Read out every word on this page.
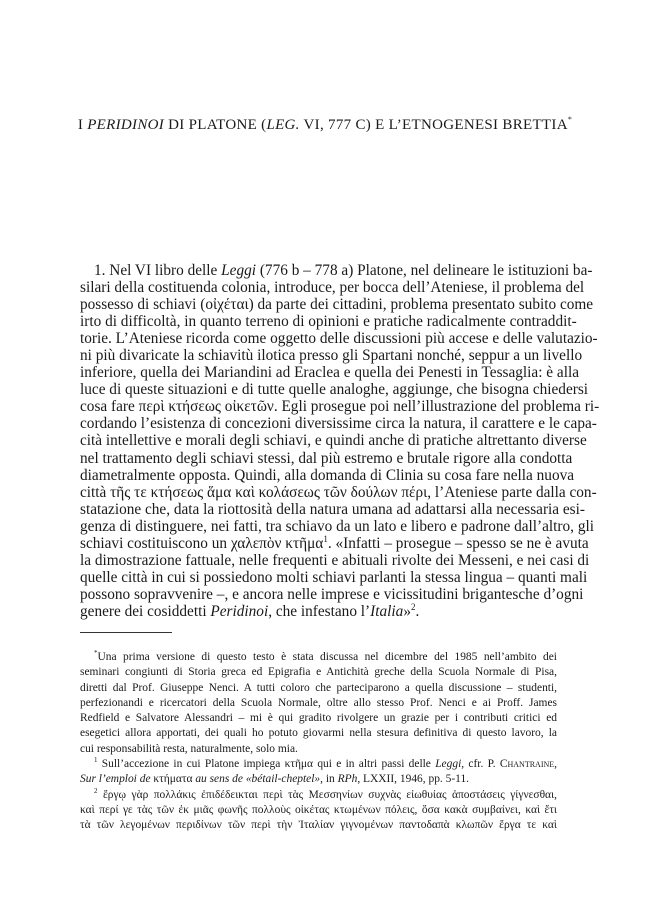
I PERIDINOI DI PLATONE (LEG. VI, 777 C) E L’ETNOGENESI BRETTIA*
1. Nel VI libro delle Leggi (776 b – 778 a) Platone, nel delineare le istituzioni ba-
silari della costituenda colonia, introduce, per bocca dell’Ateniese, il problema del
possesso di schiavi (οἰχέται) da parte dei cittadini, problema presentato subito come
irto di difficoltà, in quanto terreno di opinioni e pratiche radicalmente contraddit-
torie. L’Ateniese ricorda come oggetto delle discussioni più accese e delle valutazio-
ni più divaricate la schiavitù ilotica presso gli Spartani nonché, seppur a un livello
inferiore, quella dei Mariandini ad Eraclea e quella dei Penesti in Tessaglia: è alla
luce di queste situazioni e di tutte quelle analoghe, aggiunge, che bisogna chiedersi
cosa fare περὶ κτήσεως οἰκετῶν. Egli prosegue poi nell’illustrazione del problema ri-
cordando l’esistenza di concezioni diversissime circa la natura, il carattere e le capa-
cità intellettive e morali degli schiavi, e quindi anche di pratiche altrettanto diverse
nel trattamento degli schiavi stessi, dal più estremo e brutale rigore alla condotta
diametralmente opposta. Quindi, alla domanda di Clinia su cosa fare nella nuova
città τῆς τε κτήσεως ἅμα καὶ κολάσεως τῶν δούλων πέρι, l’Ateniese parte dalla con-
statazione che, data la riottosità della natura umana ad adattarsi alla necessaria esi-
genza di distinguere, nei fatti, tra schiavo da un lato e libero e padrone dall’altro, gli
schiavi costituiscono un χαλεπὸν κτῆμα$^1$. «Infatti – prosegue – spesso se ne è avuta
la dimostrazione fattuale, nelle frequenti e abituali rivolte dei Messeni, e nei casi di
quelle città in cui si possiedono molti schiavi parlanti la stessa lingua – quanti mali
possono sopravvenire –, e ancora nelle imprese e vicissitudini brigantesche d’ogni
genere dei cosiddetti Peridinoi, che infestano l’Italia»$^2$.
*Una prima versione di questo testo è stata discussa nel dicembre del 1985 nell’ambito dei
seminari congiunti di Storia greca ed Epigrafia e Antichità greche della Scuola Normale di Pisa,
diretti dal Prof. Giuseppe Nenci. A tutti coloro che parteciparono a quella discussione – studenti,
perfezionandi e ricercatori della Scuola Normale, oltre allo stesso Prof. Nenci e ai Proff. James
Redfield e Salvatore Alessandri – mi è qui gradito rivolgere un grazie per i contributi critici ed
esegetici allora apportati, dei quali ho potuto giovarmi nella stesura definitiva di questo lavoro, la
cui responsabilità resta, naturalmente, solo mia.
$^1$ Sull’accezione in cui Platone impiega κτῆμα qui e in altri passi delle Leggi, cfr. P. Chantraine,
Sur l’emploi de κτήματα au sens de «bétail-cheptel», in RPh, LXXII, 1946, pp. 5-11.
$^2$ ἔργῳ γὰρ πολλάκις ἐπιδέδεικται περὶ τὰς Μεσσηνίων συχνὰς εἰωθυίας ἀποστάσεις γίγνεσθαι,
καὶ περί γε τὰς τῶν ἐκ μιᾶς φωνῆς πολλοὺς οἰκέτας κτωμένων πόλεις, ὅσα κακὰ συμβαίνει, καὶ ἔτι
τὰ τῶν λεγομένων περιδίνων τῶν περὶ τὴν Ἰταλίαν γιγνομένων παντοδαπὰ κλωπῶν ἔργα τε καὶ
